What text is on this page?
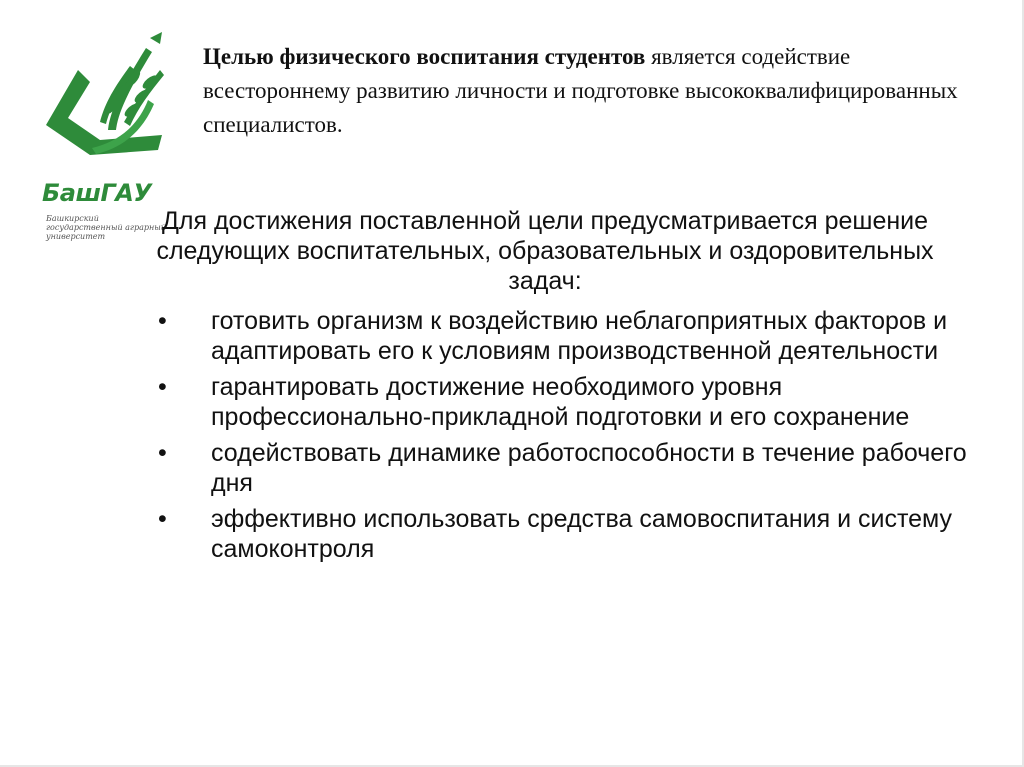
БашГАУ
Башкирский государственный аграрный университет
Целью физического воспитания студентов является содействие всестороннему развитию личности и подготовке высококвалифицированных специалистов.
Для достижения поставленной цели предусматривается решение следующих воспитательных, образовательных и оздоровительных задач:
• готовить организм к воздействию неблагоприятных факторов и адаптировать его к условиям производственной деятельности
• гарантировать достижение необходимого уровня профессионально-прикладной подготовки и его сохранение
• содействовать динамике работоспособности в течение рабочего дня
• эффективно использовать средства самовоспитания и систему самоконтроля
